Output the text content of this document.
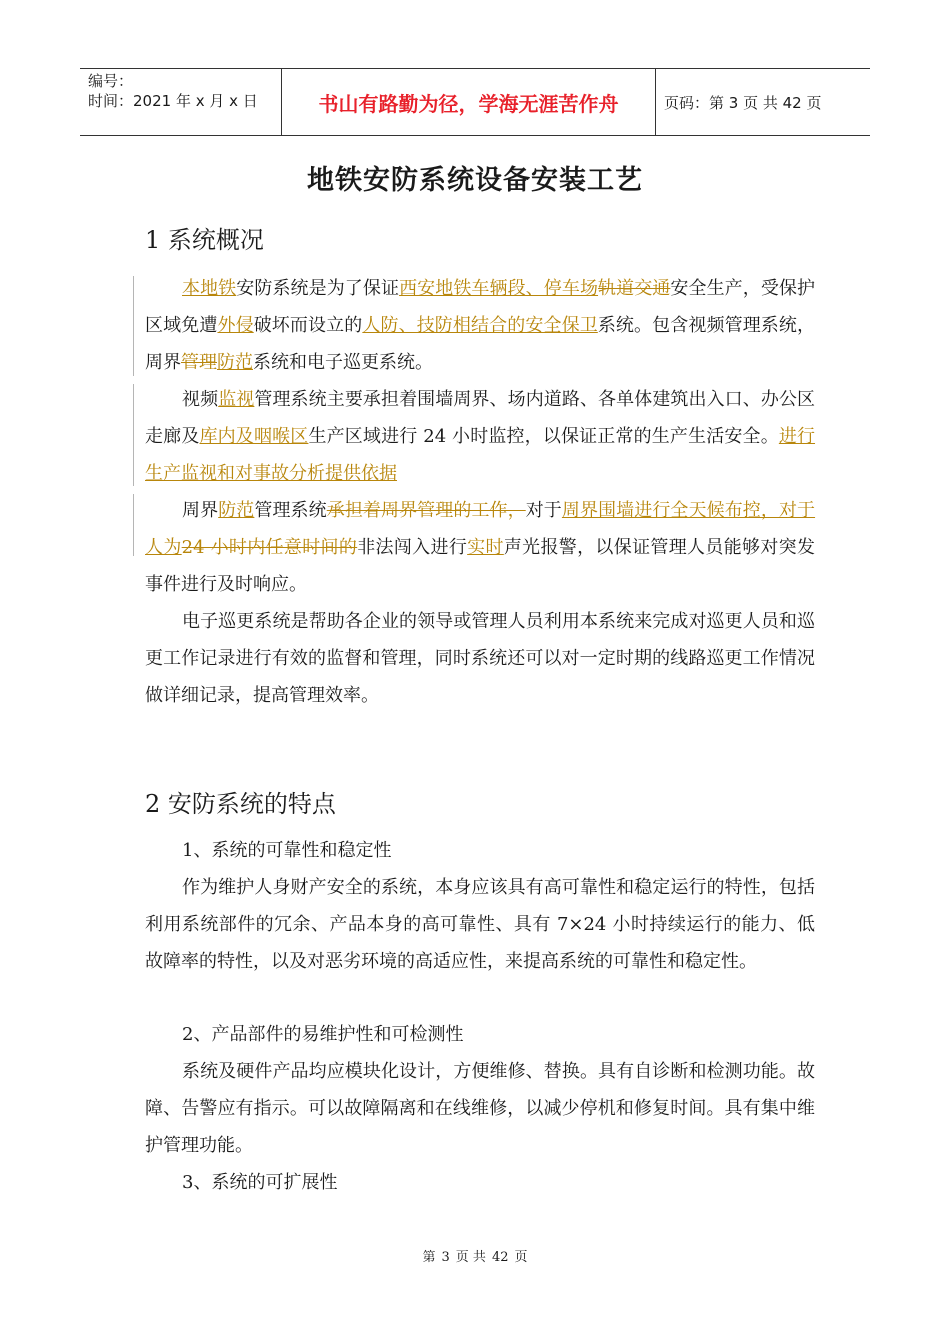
编号：
时间：2021 年 x 月 x 日	书山有路勤为径，学海无涯苦作舟	页码：第 3 页 共 42 页
地铁安防系统设备安装工艺
1 系统概况

本地铁安防系统是为了保证西安地铁车辆段、停车场轨道交通安全生产，受保护区域免遭外侵破坏而设立的人防、技防相结合的安全保卫系统。包含视频管理系统，周界管理防范系统和电子巡更系统。

视频监视管理系统主要承担着围墙周界、场内道路、各单体建筑出入口、办公区走廊及库内及咽喉区生产区域进行 24 小时监控，以保证正常的生产生活安全。进行生产监视和对事故分析提供依据

周界防范管理系统承担着周界管理的工作，对于周界围墙进行全天候布控，对于人为24 小时内任意时间的非法闯入进行实时声光报警，以保证管理人员能够对突发事件进行及时响应。

电子巡更系统是帮助各企业的领导或管理人员利用本系统来完成对巡更人员和巡更工作记录进行有效的监督和管理，同时系统还可以对一定时期的线路巡更工作情况做详细记录，提高管理效率。

2 安防系统的特点

1、系统的可靠性和稳定性

作为维护人身财产安全的系统，本身应该具有高可靠性和稳定运行的特性，包括利用系统部件的冗余、产品本身的高可靠性、具有 7×24 小时持续运行的能力、低故障率的特性，以及对恶劣环境的高适应性，来提高系统的可靠性和稳定性。

2、产品部件的易维护性和可检测性

系统及硬件产品均应模块化设计，方便维修、替换。具有自诊断和检测功能。故障、告警应有指示。可以故障隔离和在线维修，以减少停机和修复时间。具有集中维护管理功能。

3、系统的可扩展性

第 3 页 共 42 页
